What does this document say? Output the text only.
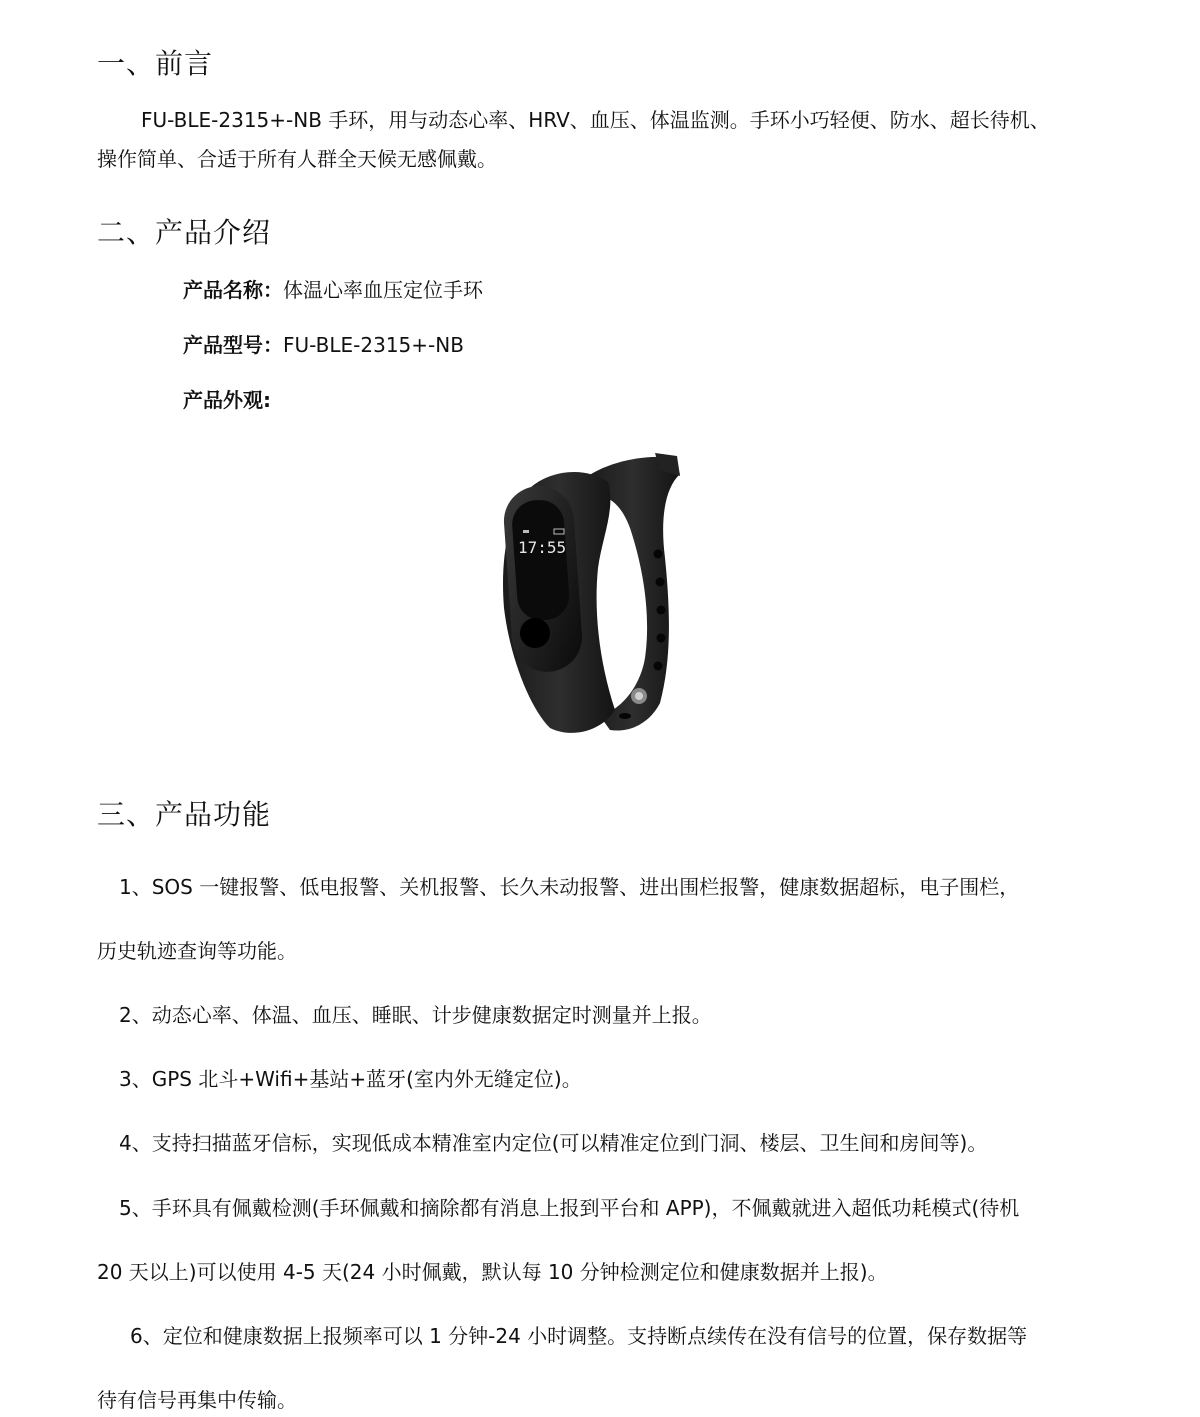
一、前言

FU-BLE-2315+-NB 手环，用与动态心率、HRV、血压、体温监测。手环小巧轻便、防水、超长待机、

操作简单、合适于所有人群全天候无感佩戴。

二、产品介绍
产品名称：体温心率血压定位手环
产品型号：FU-BLE-2315+-NB
产品外观:
17:55
三、产品功能

1、SOS 一键报警、低电报警、关机报警、长久未动报警、进出围栏报警，健康数据超标，电子围栏，

历史轨迹查询等功能。

2、动态心率、体温、血压、睡眠、计步健康数据定时测量并上报。

3、GPS 北斗+Wifi+基站+蓝牙(室内外无缝定位)。

4、支持扫描蓝牙信标，实现低成本精准室内定位(可以精准定位到门洞、楼层、卫生间和房间等)。

5、手环具有佩戴检测(手环佩戴和摘除都有消息上报到平台和 APP)，不佩戴就进入超低功耗模式(待机

20 天以上)可以使用 4-5 天(24 小时佩戴，默认每 10 分钟检测定位和健康数据并上报)。

6、定位和健康数据上报频率可以 1 分钟-24 小时调整。支持断点续传在没有信号的位置，保存数据等

待有信号再集中传输。
